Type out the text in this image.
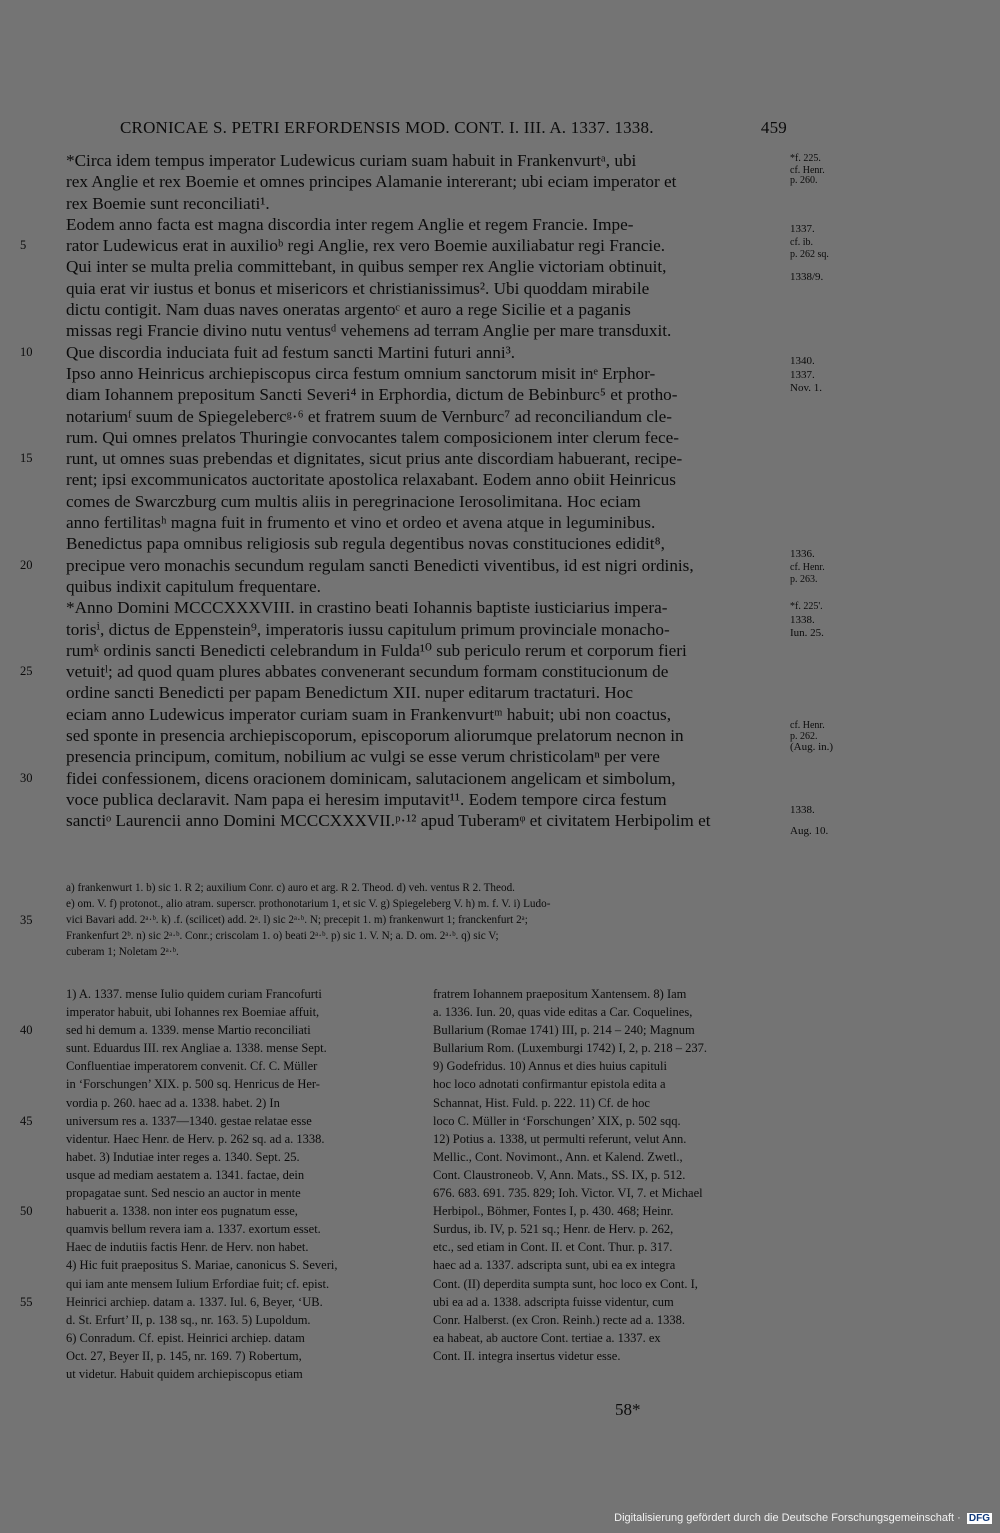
CRONICAE S. PETRI ERFORDENSIS MOD. CONT. I. III. A. 1337. 1338.	459
*Circa idem tempus imperator Ludewicus curiam suam habuit in Frankenvurtᵃ, ubi
rex Anglie et rex Boemie et omnes principes Alamanie intererant; ubi eciam imperator et
rex Boemie sunt reconciliati¹.
Eodem anno facta est magna discordia inter regem Anglie et regem Francie. Impe-
5	rator Ludewicus erat in auxilioᵇ regi Anglie, rex vero Boemie auxiliabatur regi Francie.
Qui inter se multa prelia committebant, in quibus semper rex Anglie victoriam obtinuit,
quia erat vir iustus et bonus et misericors et christianissimus². Ubi quoddam mirabile
dictu contigit. Nam duas naves oneratas argentoᶜ et auro a rege Sicilie et a paganis
missas regi Francie divino nutu ventusᵈ vehemens ad terram Anglie per mare transduxit.
10	Que discordia induciata fuit ad festum sancti Martini futuri anni³.
Ipso anno Heinricus archiepiscopus circa festum omnium sanctorum misit inᵉ Erphor-
diam Iohannem prepositum Sancti Severi⁴ in Erphordia, dictum de Bebinburc⁵ et protho-
notariumᶠ suum de Spiegelebercᵍ·⁶ et fratrem suum de Vernburc⁷ ad reconciliandum cle-
rum. Qui omnes prelatos Thuringie convocantes talem composicionem inter clerum fece-
15	runt, ut omnes suas prebendas et dignitates, sicut prius ante discordiam habuerant, recipe-
rent; ipsi excommunicatos auctoritate apostolica relaxabant. Eodem anno obiit Heinricus
comes de Swarczburg cum multis aliis in peregrinacione Ierosolimitana. Hoc eciam
anno fertilitasʰ magna fuit in frumento et vino et ordeo et avena atque in leguminibus.
Benedictus papa omnibus religiosis sub regula degentibus novas constituciones edidit⁸,
20	precipue vero monachis secundum regulam sancti Benedicti viventibus, id est nigri ordinis,
quibus indixit capitulum frequentare.
*Anno Domini MCCCXXXVIII. in crastino beati Iohannis baptiste iusticiarius impera-
torisⁱ, dictus de Eppenstein⁹, imperatoris iussu capitulum primum provinciale monacho-
rumᵏ ordinis sancti Benedicti celebrandum in Fulda¹⁰ sub periculo rerum et corporum fieri
25	vetuitˡ; ad quod quam plures abbates convenerant secundum formam constitucionum de
ordine sancti Benedicti per papam Benedictum XII. nuper editarum tractaturi. Hoc
eciam anno Ludewicus imperator curiam suam in Frankenvurtᵐ habuit; ubi non coactus,
sed sponte in presencia archiepiscoporum, episcoporum aliorumque prelatorum necnon in
presencia principum, comitum, nobilium ac vulgi se esse verum christicolamⁿ per vere
30	fidei confessionem, dicens oracionem dominicam, salutacionem angelicam et simbolum,
voce publica declaravit. Nam papa ei heresim imputavit¹¹. Eodem tempore circa festum
sanctiᵒ Laurencii anno Domini MCCCXXXVII.ᵖ·¹² apud Tuberamᵠ et civitatem Herbipolim et
*f. 225.
cf. Henr.
p. 260.
1337.
cf. ib.
p. 262 sq.
1338/9.
1340.
1337.
Nov. 1.
1336.
cf. Henr.
p. 263.
*f. 225'.
1338.
Iun. 25.
cf. Henr.
p. 262.
(Aug. in.)
1338.
Aug. 10.
a) frankenwurt 1. b) sic 1. R 2; auxilium Conr. c) auro et arg. R 2. Theod. d) veh. ventus R 2. Theod.
e) om. V. f) protonot., alio atram. superscr. prothonotarium 1, et sic V. g) Spiegeleberg V. h) m. f. V. i) Ludo-
35	vici Bavari add. 2ᵃ·ᵇ. k) .f. (scilicet) add. 2ᵃ. l) sic 2ᵃ·ᵇ. N; precepit 1. m) frankenwurt 1; franckenfurt 2ᵃ;
Frankenfurt 2ᵇ. n) sic 2ᵃ·ᵇ. Conr.; criscolam 1. o) beati 2ᵃ·ᵇ. p) sic 1. V. N; a. D. om. 2ᵃ·ᵇ. q) sic V;
cuberam 1; Noletam 2ᵃ·ᵇ.
1) A. 1337. mense Iulio quidem curiam Francofurti
imperator habuit, ubi Iohannes rex Boemiae affuit,
40	sed hi demum a. 1339. mense Martio reconciliati
sunt. Eduardus III. rex Angliae a. 1338. mense Sept.
Confluentiae imperatorem convenit. Cf. C. Müller
in ‘Forschungen’ XIX. p. 500 sq. Henricus de Her-
vordia p. 260. haec ad a. 1338. habet. 2) In
45	universum res a. 1337—1340. gestae relatae esse
videntur. Haec Henr. de Herv. p. 262 sq. ad a. 1338.
habet. 3) Indutiae inter reges a. 1340. Sept. 25.
usque ad mediam aestatem a. 1341. factae, dein
propagatae sunt. Sed nescio an auctor in mente
50	habuerit a. 1338. non inter eos pugnatum esse,
quamvis bellum revera iam a. 1337. exortum esset.
Haec de indutiis factis Henr. de Herv. non habet.
4) Hic fuit praepositus S. Mariae, canonicus S. Severi,
qui iam ante mensem Iulium Erfordiae fuit; cf. epist.
55	Heinrici archiep. datam a. 1337. Iul. 6, Beyer, ‘UB.
d. St. Erfurt’ II, p. 138 sq., nr. 163. 5) Lupoldum.
6) Conradum. Cf. epist. Heinrici archiep. datam
Oct. 27, Beyer II, p. 145, nr. 169. 7) Robertum,
ut videtur. Habuit quidem archiepiscopus etiam
fratrem Iohannem praepositum Xantensem. 8) Iam
a. 1336. Iun. 20, quas vide editas a Car. Coquelines,
Bullarium (Romae 1741) III, p. 214 – 240; Magnum
Bullarium Rom. (Luxemburgi 1742) I, 2, p. 218 – 237.
9) Godefridus. 10) Annus et dies huius capituli
hoc loco adnotati confirmantur epistola edita a
Schannat, Hist. Fuld. p. 222. 11) Cf. de hoc
loco C. Müller in ‘Forschungen’ XIX, p. 502 sqq.
12) Potius a. 1338, ut permulti referunt, velut Ann.
Mellic., Cont. Novimont., Ann. et Kalend. Zwetl.,
Cont. Claustroneob. V, Ann. Mats., SS. IX, p. 512.
676. 683. 691. 735. 829; Ioh. Victor. VI, 7. et Michael
Herbipol., Böhmer, Fontes I, p. 430. 468; Heinr.
Surdus, ib. IV, p. 521 sq.; Henr. de Herv. p. 262,
etc., sed etiam in Cont. II. et Cont. Thur. p. 317.
haec ad a. 1337. adscripta sunt, ubi ea ex integra
Cont. (II) deperdita sumpta sunt, hoc loco ex Cont. I,
ubi ea ad a. 1338. adscripta fuisse videntur, cum
Conr. Halberst. (ex Cron. Reinh.) recte ad a. 1338.
ea habeat, ab auctore Cont. tertiae a. 1337. ex
Cont. II. integra insertus videtur esse.
58*
Digitalisierung gefördert durch die Deutsche Forschungsgemeinschaft · DFG
